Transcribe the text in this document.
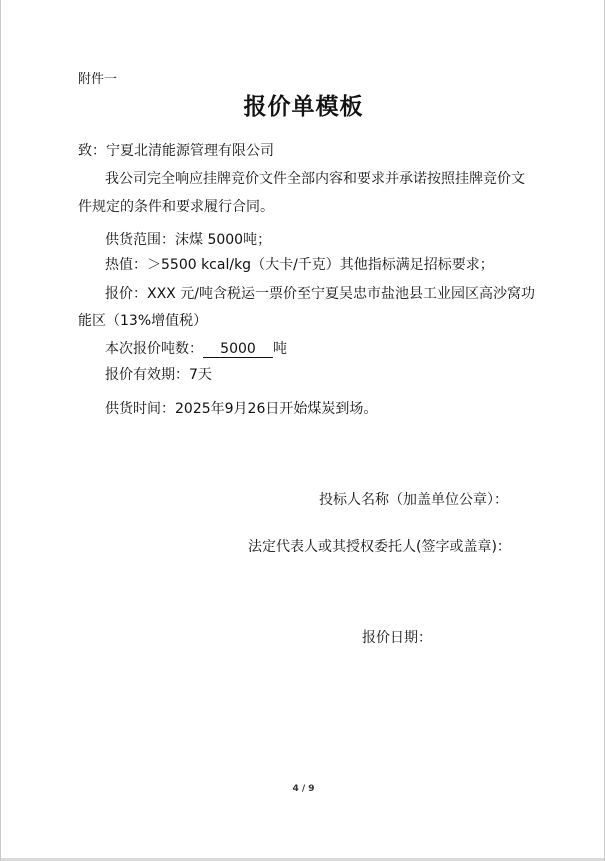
附件一
报价单模板
致：宁夏北清能源管理有限公司
我公司完全响应挂牌竞价文件全部内容和要求并承诺按照挂牌竞价文
件规定的条件和要求履行合同。
供货范围：沫煤 5000吨；
热值：＞5500 kcal/kg（大卡/千克）其他指标满足招标要求；
报价：XXX 元/吨含税运一票价至宁夏吴忠市盐池县工业园区高沙窝功
能区（13%增值税）
本次报价吨数： 5000 吨
报价有效期：7天
供货时间：2025年9月26日开始煤炭到场。
投标人名称（加盖单位公章）：
法定代表人或其授权委托人(签字或盖章)：
报价日期：
4 / 9
